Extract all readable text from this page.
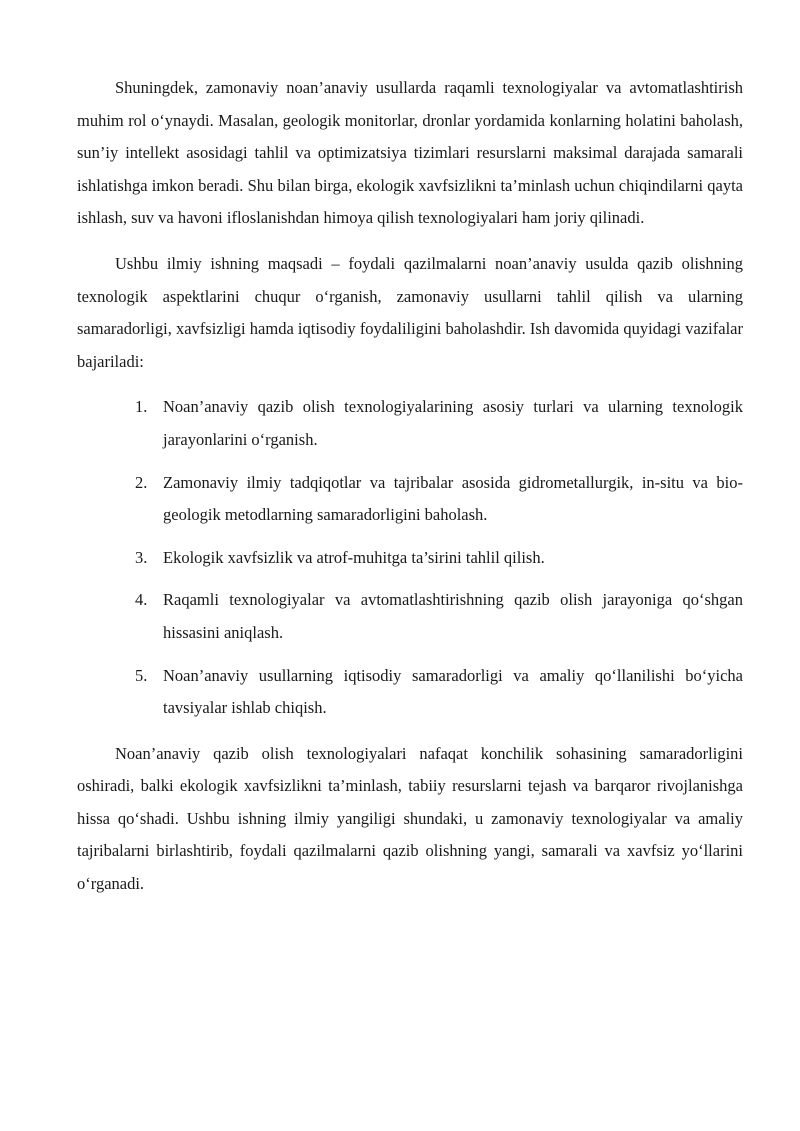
Shuningdek, zamonaviy noan’anaviy usullarda raqamli texnologiyalar va avtomatlashtirish muhim rol o‘ynaydi. Masalan, geologik monitorlar, dronlar yordamida konlarning holatini baholash, sun’iy intellekt asosidagi tahlil va optimizatsiya tizimlari resurslarni maksimal darajada samarali ishlatishga imkon beradi. Shu bilan birga, ekologik xavfsizlikni ta’minlash uchun chiqindilarni qayta ishlash, suv va havoni ifloslanishdan himoya qilish texnologiyalari ham joriy qilinadi.

Ushbu ilmiy ishning maqsadi – foydali qazilmalarni noan’anaviy usulda qazib olishning texnologik aspektlarini chuqur o‘rganish, zamonaviy usullarni tahlil qilish va ularning samaradorligi, xavfsizligi hamda iqtisodiy foydaliligini baholashdir. Ish davomida quyidagi vazifalar bajariladi:

1. Noan’anaviy qazib olish texnologiyalarining asosiy turlari va ularning texnologik jarayonlarini o‘rganish.
2. Zamonaviy ilmiy tadqiqotlar va tajribalar asosida gidrometallurgik, in-situ va bio-geologik metodlarning samaradorligini baholash.
3. Ekologik xavfsizlik va atrof-muhitga ta’sirini tahlil qilish.
4. Raqamli texnologiyalar va avtomatlashtirishning qazib olish jarayoniga qo‘shgan hissasini aniqlash.
5. Noan’anaviy usullarning iqtisodiy samaradorligi va amaliy qo‘llanilishi bo‘yicha tavsiyalar ishlab chiqish.

Noan’anaviy qazib olish texnologiyalari nafaqat konchilik sohasining samaradorligini oshiradi, balki ekologik xavfsizlikni ta’minlash, tabiiy resurslarni tejash va barqaror rivojlanishga hissa qo‘shadi. Ushbu ishning ilmiy yangiligi shundaki, u zamonaviy texnologiyalar va amaliy tajribalarni birlashtirib, foydali qazilmalarni qazib olishning yangi, samarali va xavfsiz yo‘llarini o‘rganadi.
